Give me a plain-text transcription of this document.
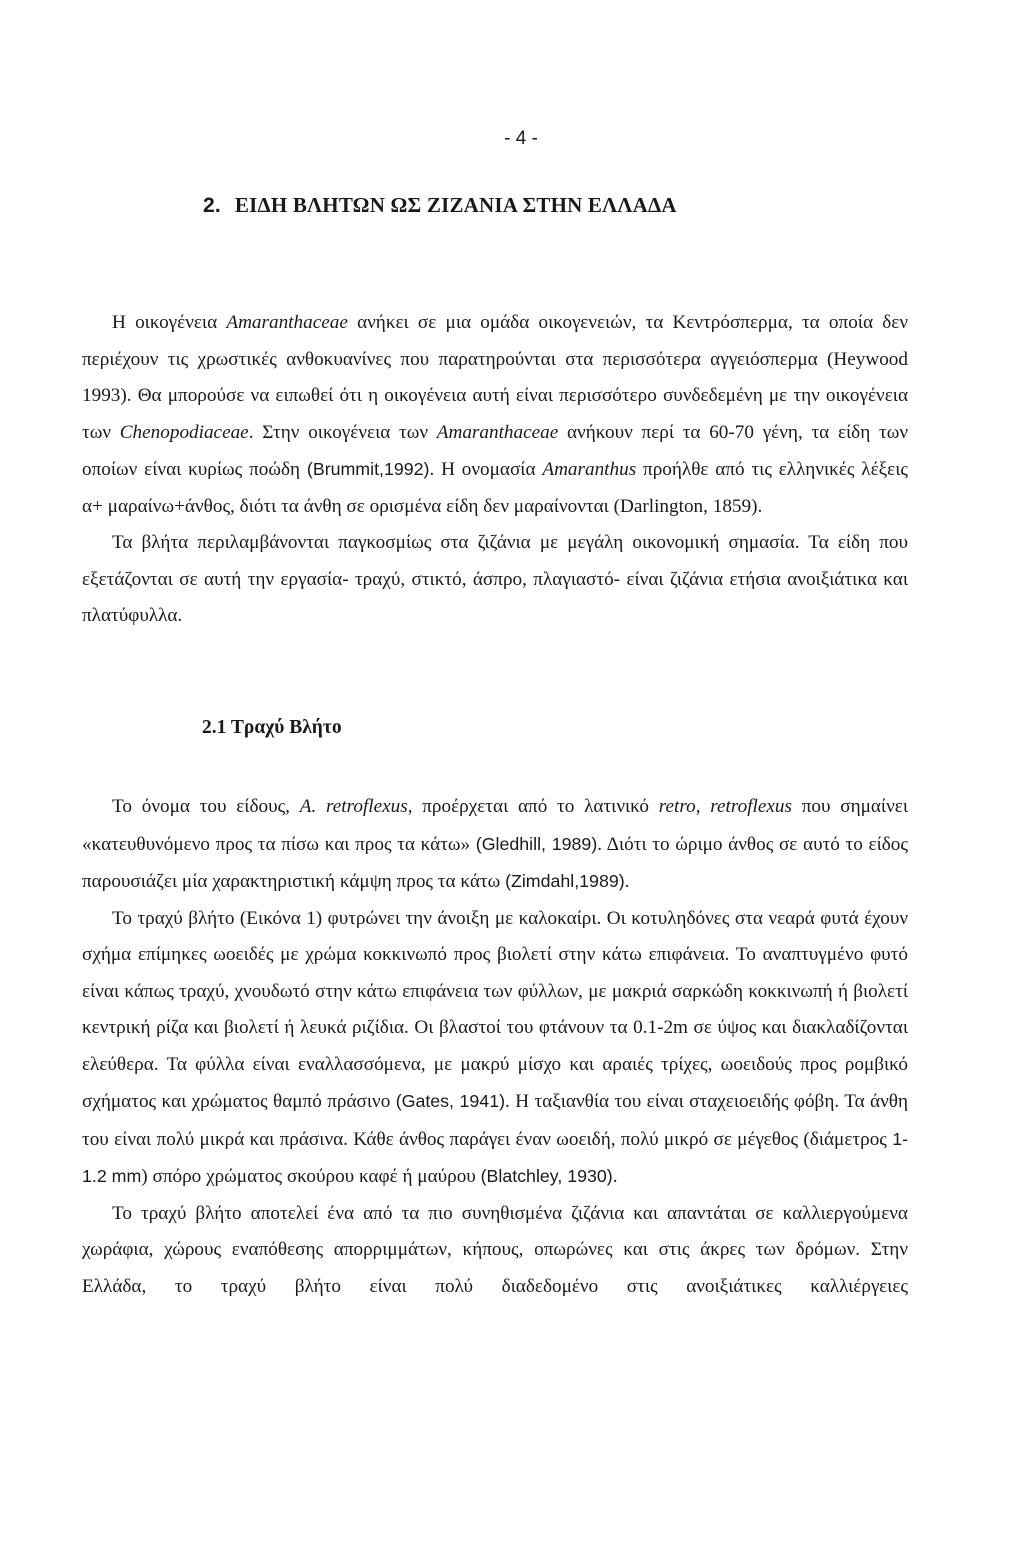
- 4 -
2. ΕΙΔΗ ΒΛΗΤΩΝ ΩΣ ΖΙΖΑΝΙΑ ΣΤΗΝ ΕΛΛΑΔΑ

Η οικογένεια Amaranthaceae ανήκει σε μια ομάδα οικογενειών, τα Κεντρόσπερμα, τα οποία δεν περιέχουν τις χρωστικές ανθοκυανίνες που παρατηρούνται στα περισσότερα αγγειόσπερμα (Heywood 1993). Θα μπορούσε να ειπωθεί ότι η οικογένεια αυτή είναι περισσότερο συνδεδεμένη με την οικογένεια των Chenopodiaceae. Στην οικογένεια των Amaranthaceae ανήκουν περί τα 60-70 γένη, τα είδη των οποίων είναι κυρίως ποώδη (Brummit,1992). Η ονομασία Amaranthus προήλθε από τις ελληνικές λέξεις α+ μαραίνω+άνθος, διότι τα άνθη σε ορισμένα είδη δεν μαραίνονται (Darlington, 1859).

Τα βλήτα περιλαμβάνονται παγκοσμίως στα ζιζάνια με μεγάλη οικονομική σημασία. Τα είδη που εξετάζονται σε αυτή την εργασία- τραχύ, στικτό, άσπρο, πλαγιαστό- είναι ζιζάνια ετήσια ανοιξιάτικα και πλατύφυλλα.

2.1 Τραχύ Βλήτο

Το όνομα του είδους, A. retroflexus, προέρχεται από το λατινικό retro, retroflexus που σημαίνει «κατευθυνόμενο προς τα πίσω και προς τα κάτω» (Gledhill, 1989). Διότι το ώριμο άνθος σε αυτό το είδος παρουσιάζει μία χαρακτηριστική κάμψη προς τα κάτω (Zimdahl,1989).

Το τραχύ βλήτο (Εικόνα 1) φυτρώνει την άνοιξη με καλοκαίρι. Οι κοτυληδόνες στα νεαρά φυτά έχουν σχήμα επίμηκες ωοειδές με χρώμα κοκκινωπό προς βιολετί στην κάτω επιφάνεια. Το αναπτυγμένο φυτό είναι κάπως τραχύ, χνουδωτό στην κάτω επιφάνεια των φύλλων, με μακριά σαρκώδη κοκκινωπή ή βιολετί κεντρική ρίζα και βιολετί ή λευκά ριζίδια. Οι βλαστοί του φτάνουν τα 0.1-2m σε ύψος και διακλαδίζονται ελεύθερα. Τα φύλλα είναι εναλλασσόμενα, με μακρύ μίσχο και αραιές τρίχες, ωοειδούς προς ρομβικό σχήματος και χρώματος θαμπό πράσινο (Gates, 1941). Η ταξιανθία του είναι σταχειοειδής φόβη. Τα άνθη του είναι πολύ μικρά και πράσινα. Κάθε άνθος παράγει έναν ωοειδή, πολύ μικρό σε μέγεθος (διάμετρος 1-1.2 mm) σπόρο χρώματος σκούρου καφέ ή μαύρου (Blatchley, 1930).

Το τραχύ βλήτο αποτελεί ένα από τα πιο συνηθισμένα ζιζάνια και απαντάται σε καλλιεργούμενα χωράφια, χώρους εναπόθεσης απορριμμάτων, κήπους, οπωρώνες και στις άκρες των δρόμων. Στην Ελλάδα, το τραχύ βλήτο είναι πολύ διαδεδομένο στις ανοιξιάτικες καλλιέργειες
